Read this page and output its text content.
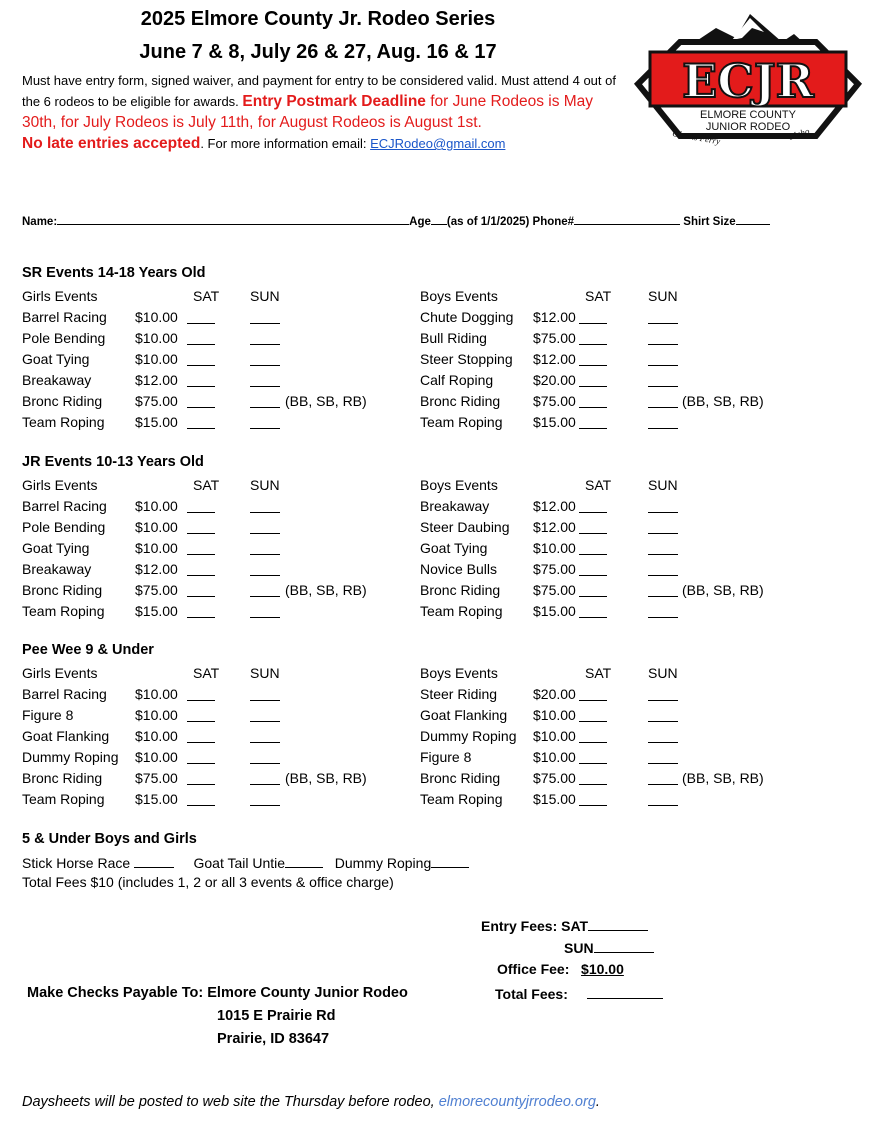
2025 Elmore County Jr. Rodeo Series
June 7 & 8, July 26 & 27, Aug. 16 & 17
Must have entry form, signed waiver, and payment for entry to be considered valid. Must attend 4 out of the 6 rodeos to be eligible for awards. Entry Postmark Deadline for June Rodeos is May 30th, for July Rodeos is July 11th, for August Rodeos is August 1st.
No late entries accepted. For more information email: ECJRodeo@gmail.com
ECJR
ELMORE COUNTY
JUNIOR RODEO
Glenns Ferry	Idaho
Name:	Age (as of 1/1/2025) Phone#	Shirt Size
SR Events 14-18 Years Old
Girls Events	SAT SUN
Barrel Racing $10.00
Pole Bending $10.00
Goat Tying	$10.00
Breakaway	$12.00
Bronc Riding $75.00	(BB, SB, RB)
Team Roping $15.00
Boys Events	SAT	SUN
Chute Dogging $12.00
Bull Riding	$75.00
Steer Stopping $12.00
Calf Roping	$20.00
Bronc Riding $75.00	(BB, SB, RB)
Team Roping $15.00
JR Events 10-13 Years Old
Girls Events	SAT SUN
Barrel Racing $10.00
Pole Bending $10.00
Goat Tying	$10.00
Breakaway	$12.00
Bronc Riding $75.00	(BB, SB, RB)
Team Roping $15.00
Boys Events	SAT	SUN
Breakaway	$12.00
Steer Daubing $12.00
Goat Tying	$10.00
Novice Bulls	$75.00
Bronc Riding $75.00	(BB, SB, RB)
Team Roping $15.00
Pee Wee 9 & Under
Girls Events	SAT SUN
Barrel Racing $10.00
Figure 8	$10.00
Goat Flanking $10.00
Dummy Roping $10.00
Bronc Riding $75.00	(BB, SB, RB)
Team Roping $15.00
Boys Events	SAT	SUN
Steer Riding	$20.00
Goat Flanking $10.00
Dummy Roping $10.00
Figure 8	$10.00
Bronc Riding $75.00	(BB, SB, RB)
Team Roping $15.00
5 & Under Boys and Girls
Stick Horse Race	Goat Tail Untie	Dummy Roping
Total Fees $10 (includes 1, 2 or all 3 events & office charge)
Entry Fees: SAT
SUN
Office Fee: $10.00
Total Fees:
Make Checks Payable To: Elmore County Junior Rodeo
1015 E Prairie Rd
Prairie, ID 83647
Daysheets will be posted to web site the Thursday before rodeo, elmorecountyjrrodeo.org.
